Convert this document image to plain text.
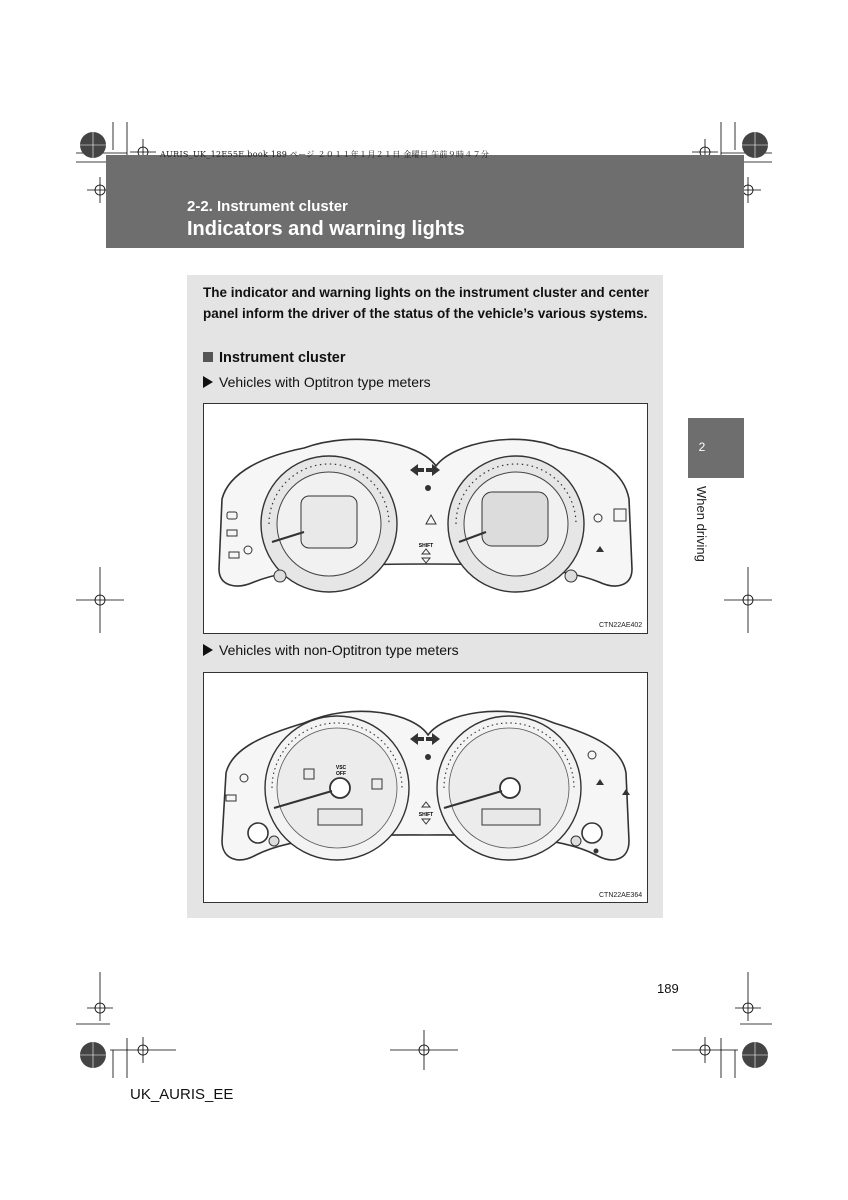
AURIS_UK_12E55E.book 189 ページ ２０１１年１月２１日 金曜日 午前９時４７分
2-2. Instrument cluster
Indicators and warning lights
2
When driving
The indicator and warning lights on the instrument cluster and center panel inform the driver of the status of the vehicle’s various systems.
Instrument cluster
Vehicles with Optitron type meters
SHIFT
CTN22AE402
Vehicles with non-Optitron type meters
VSC
OFF
SHIFT
CTN22AE364
189
UK_AURIS_EE
